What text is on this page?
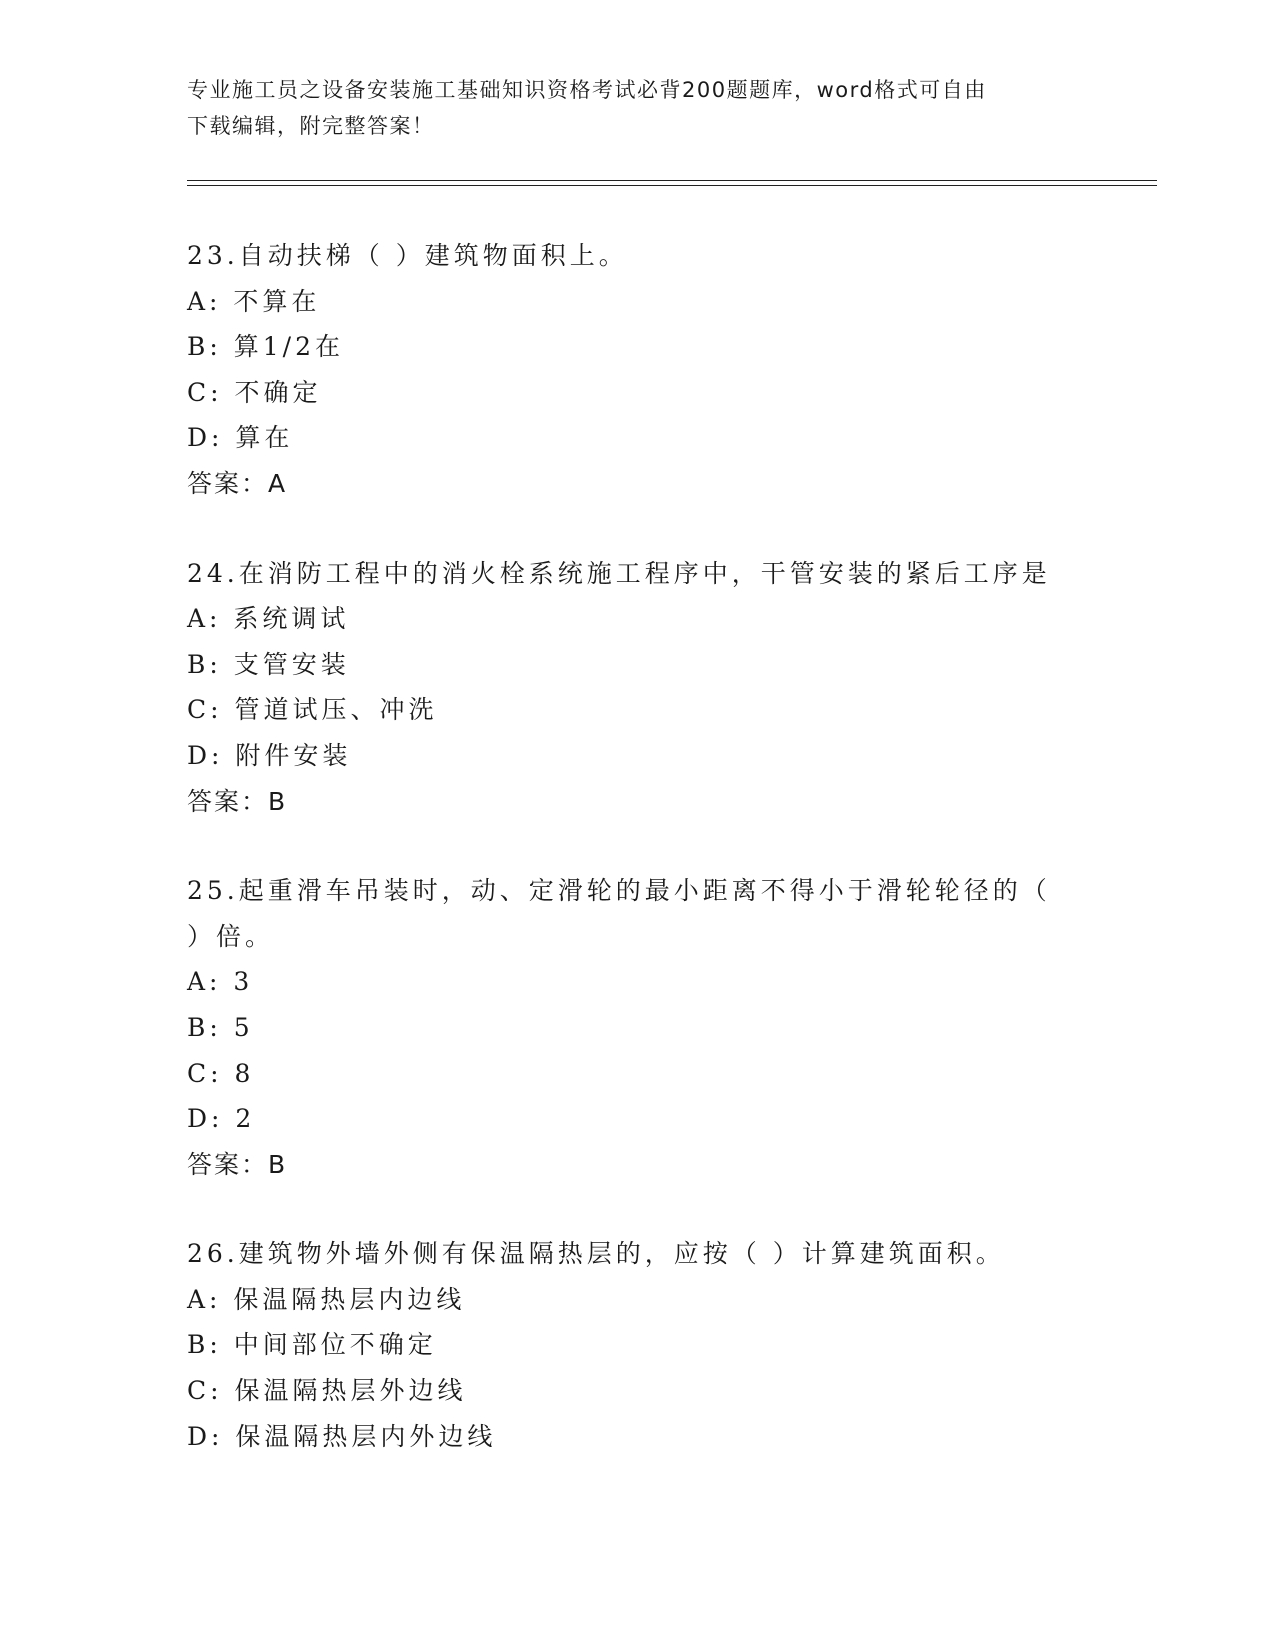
专业施工员之设备安装施工基础知识资格考试必背200题题库，word格式可自由
下载编辑，附完整答案！
23.自动扶梯（ ）建筑物面积上。
A: 不算在
B: 算1/2在
C: 不确定
D: 算在
答案：A
24.在消防工程中的消火栓系统施工程序中，干管安装的紧后工序是
A: 系统调试
B: 支管安装
C: 管道试压、冲洗
D: 附件安装
答案：B
25.起重滑车吊装时，动、定滑轮的最小距离不得小于滑轮轮径的（
）倍。
A: 3
B: 5
C: 8
D: 2
答案：B
26.建筑物外墙外侧有保温隔热层的，应按（ ）计算建筑面积。
A: 保温隔热层内边线
B: 中间部位不确定
C: 保温隔热层外边线
D: 保温隔热层内外边线
